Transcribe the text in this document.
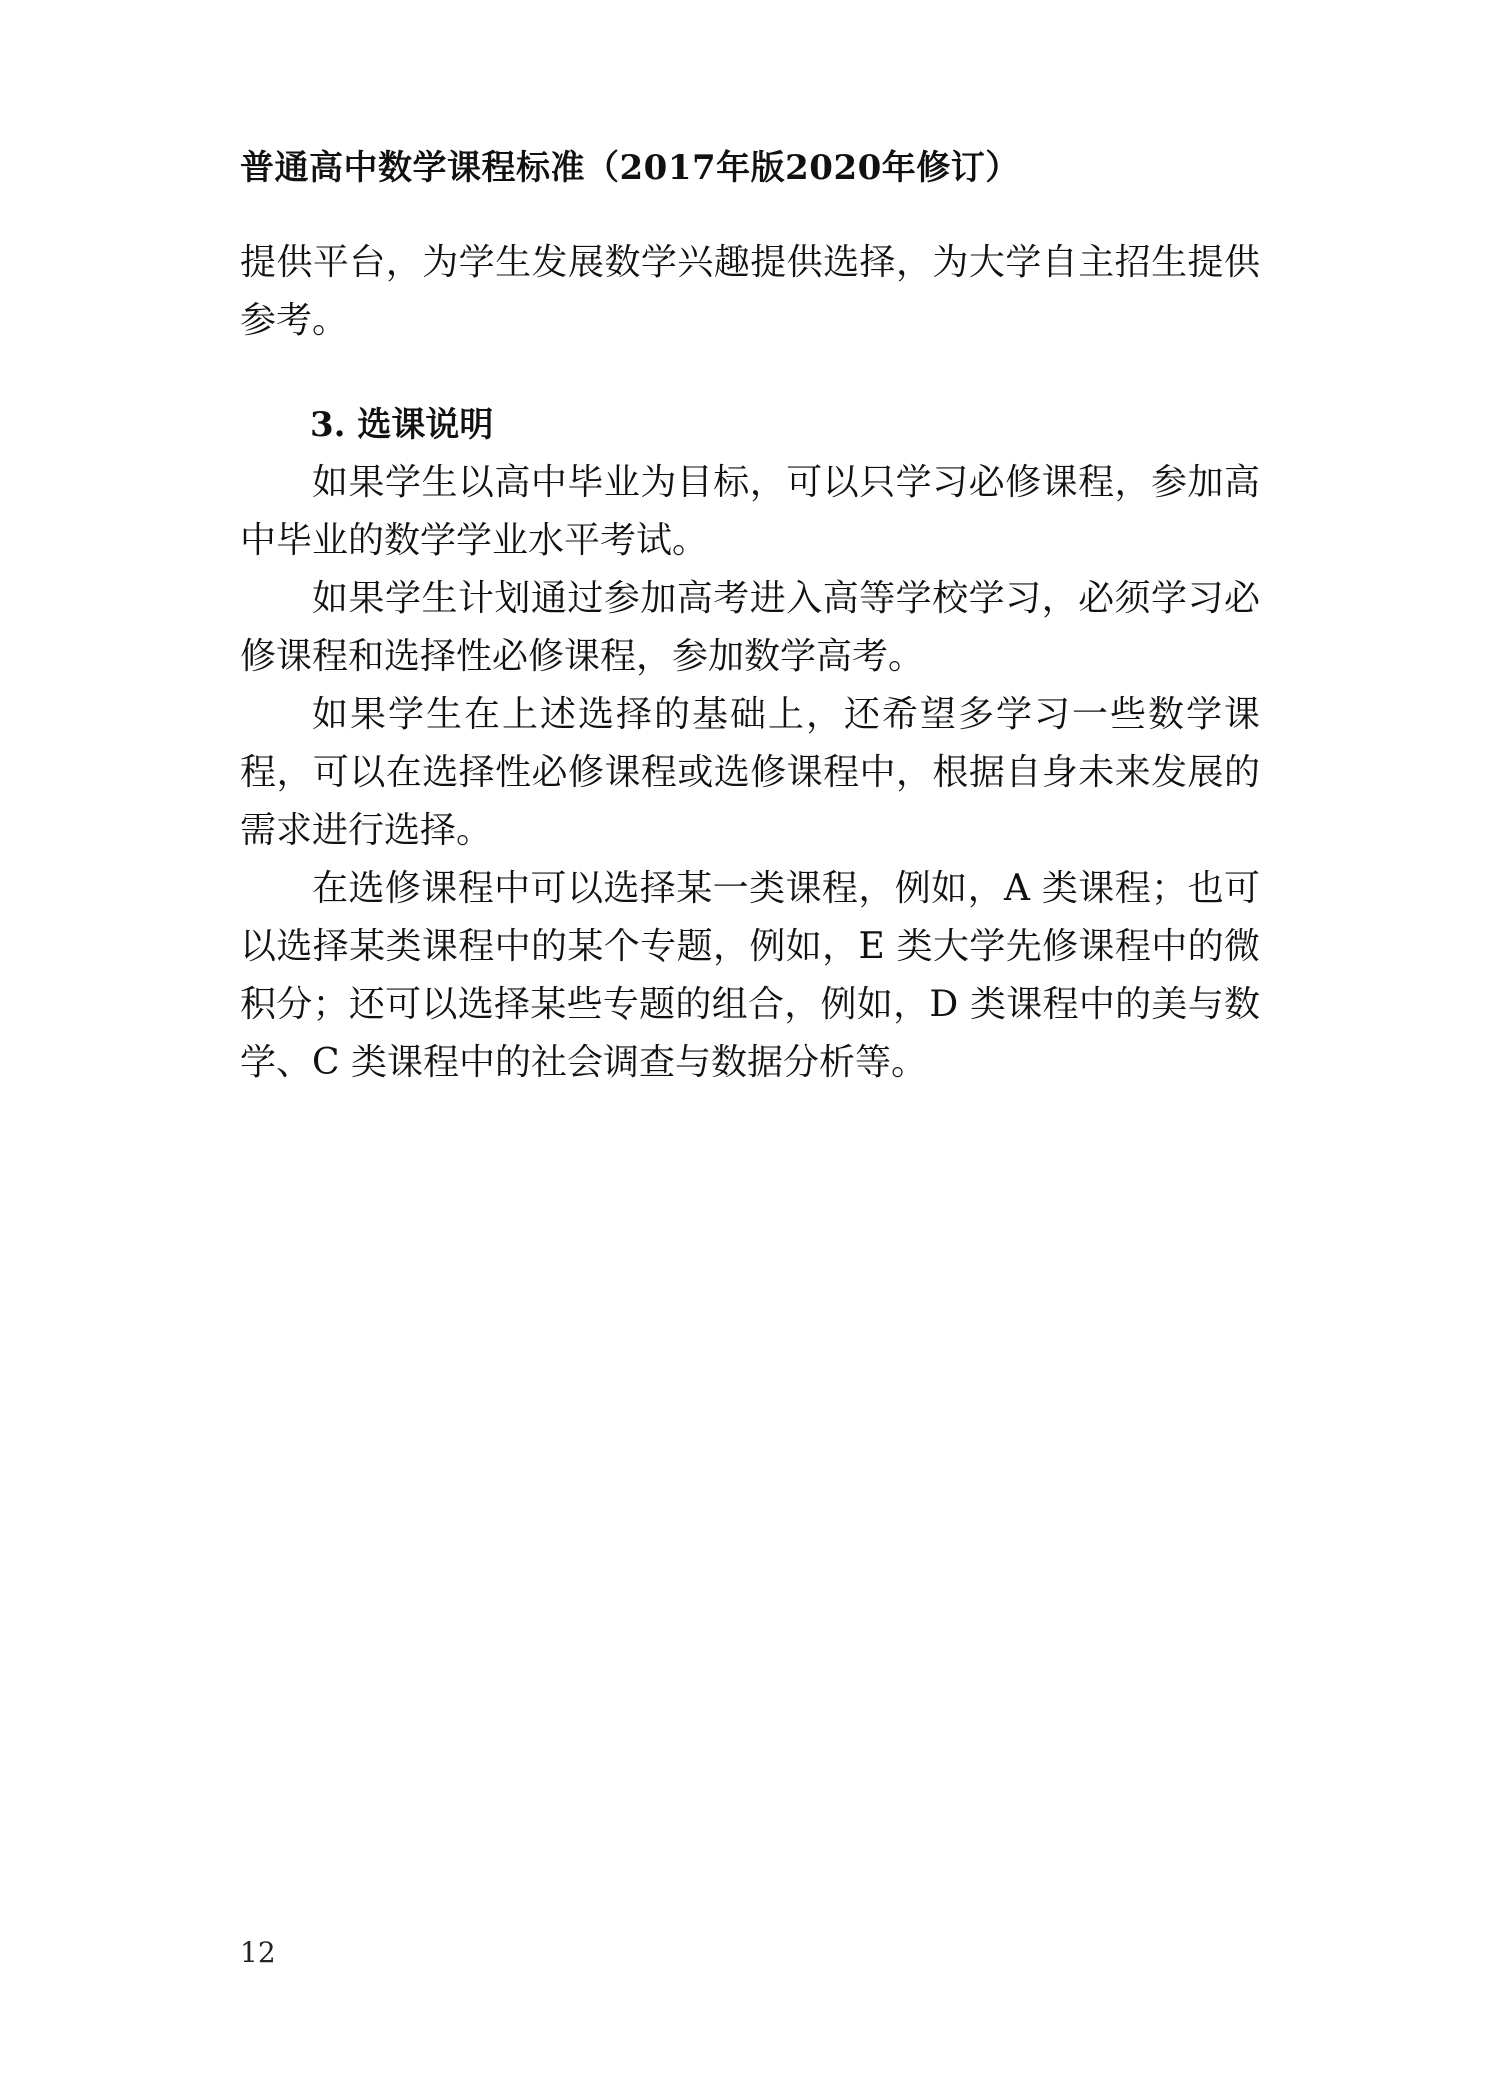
普通高中数学课程标准（2017年版2020年修订）

提供平台，为学生发展数学兴趣提供选择，为大学自主招生提供参考。

3. 选课说明

如果学生以高中毕业为目标，可以只学习必修课程，参加高中毕业的数学学业水平考试。

如果学生计划通过参加高考进入高等学校学习，必须学习必修课程和选择性必修课程，参加数学高考。

如果学生在上述选择的基础上，还希望多学习一些数学课程，可以在选择性必修课程或选修课程中，根据自身未来发展的需求进行选择。

在选修课程中可以选择某一类课程，例如，A 类课程；也可以选择某类课程中的某个专题，例如，E 类大学先修课程中的微积分；还可以选择某些专题的组合，例如，D 类课程中的美与数学、C 类课程中的社会调查与数据分析等。

12
